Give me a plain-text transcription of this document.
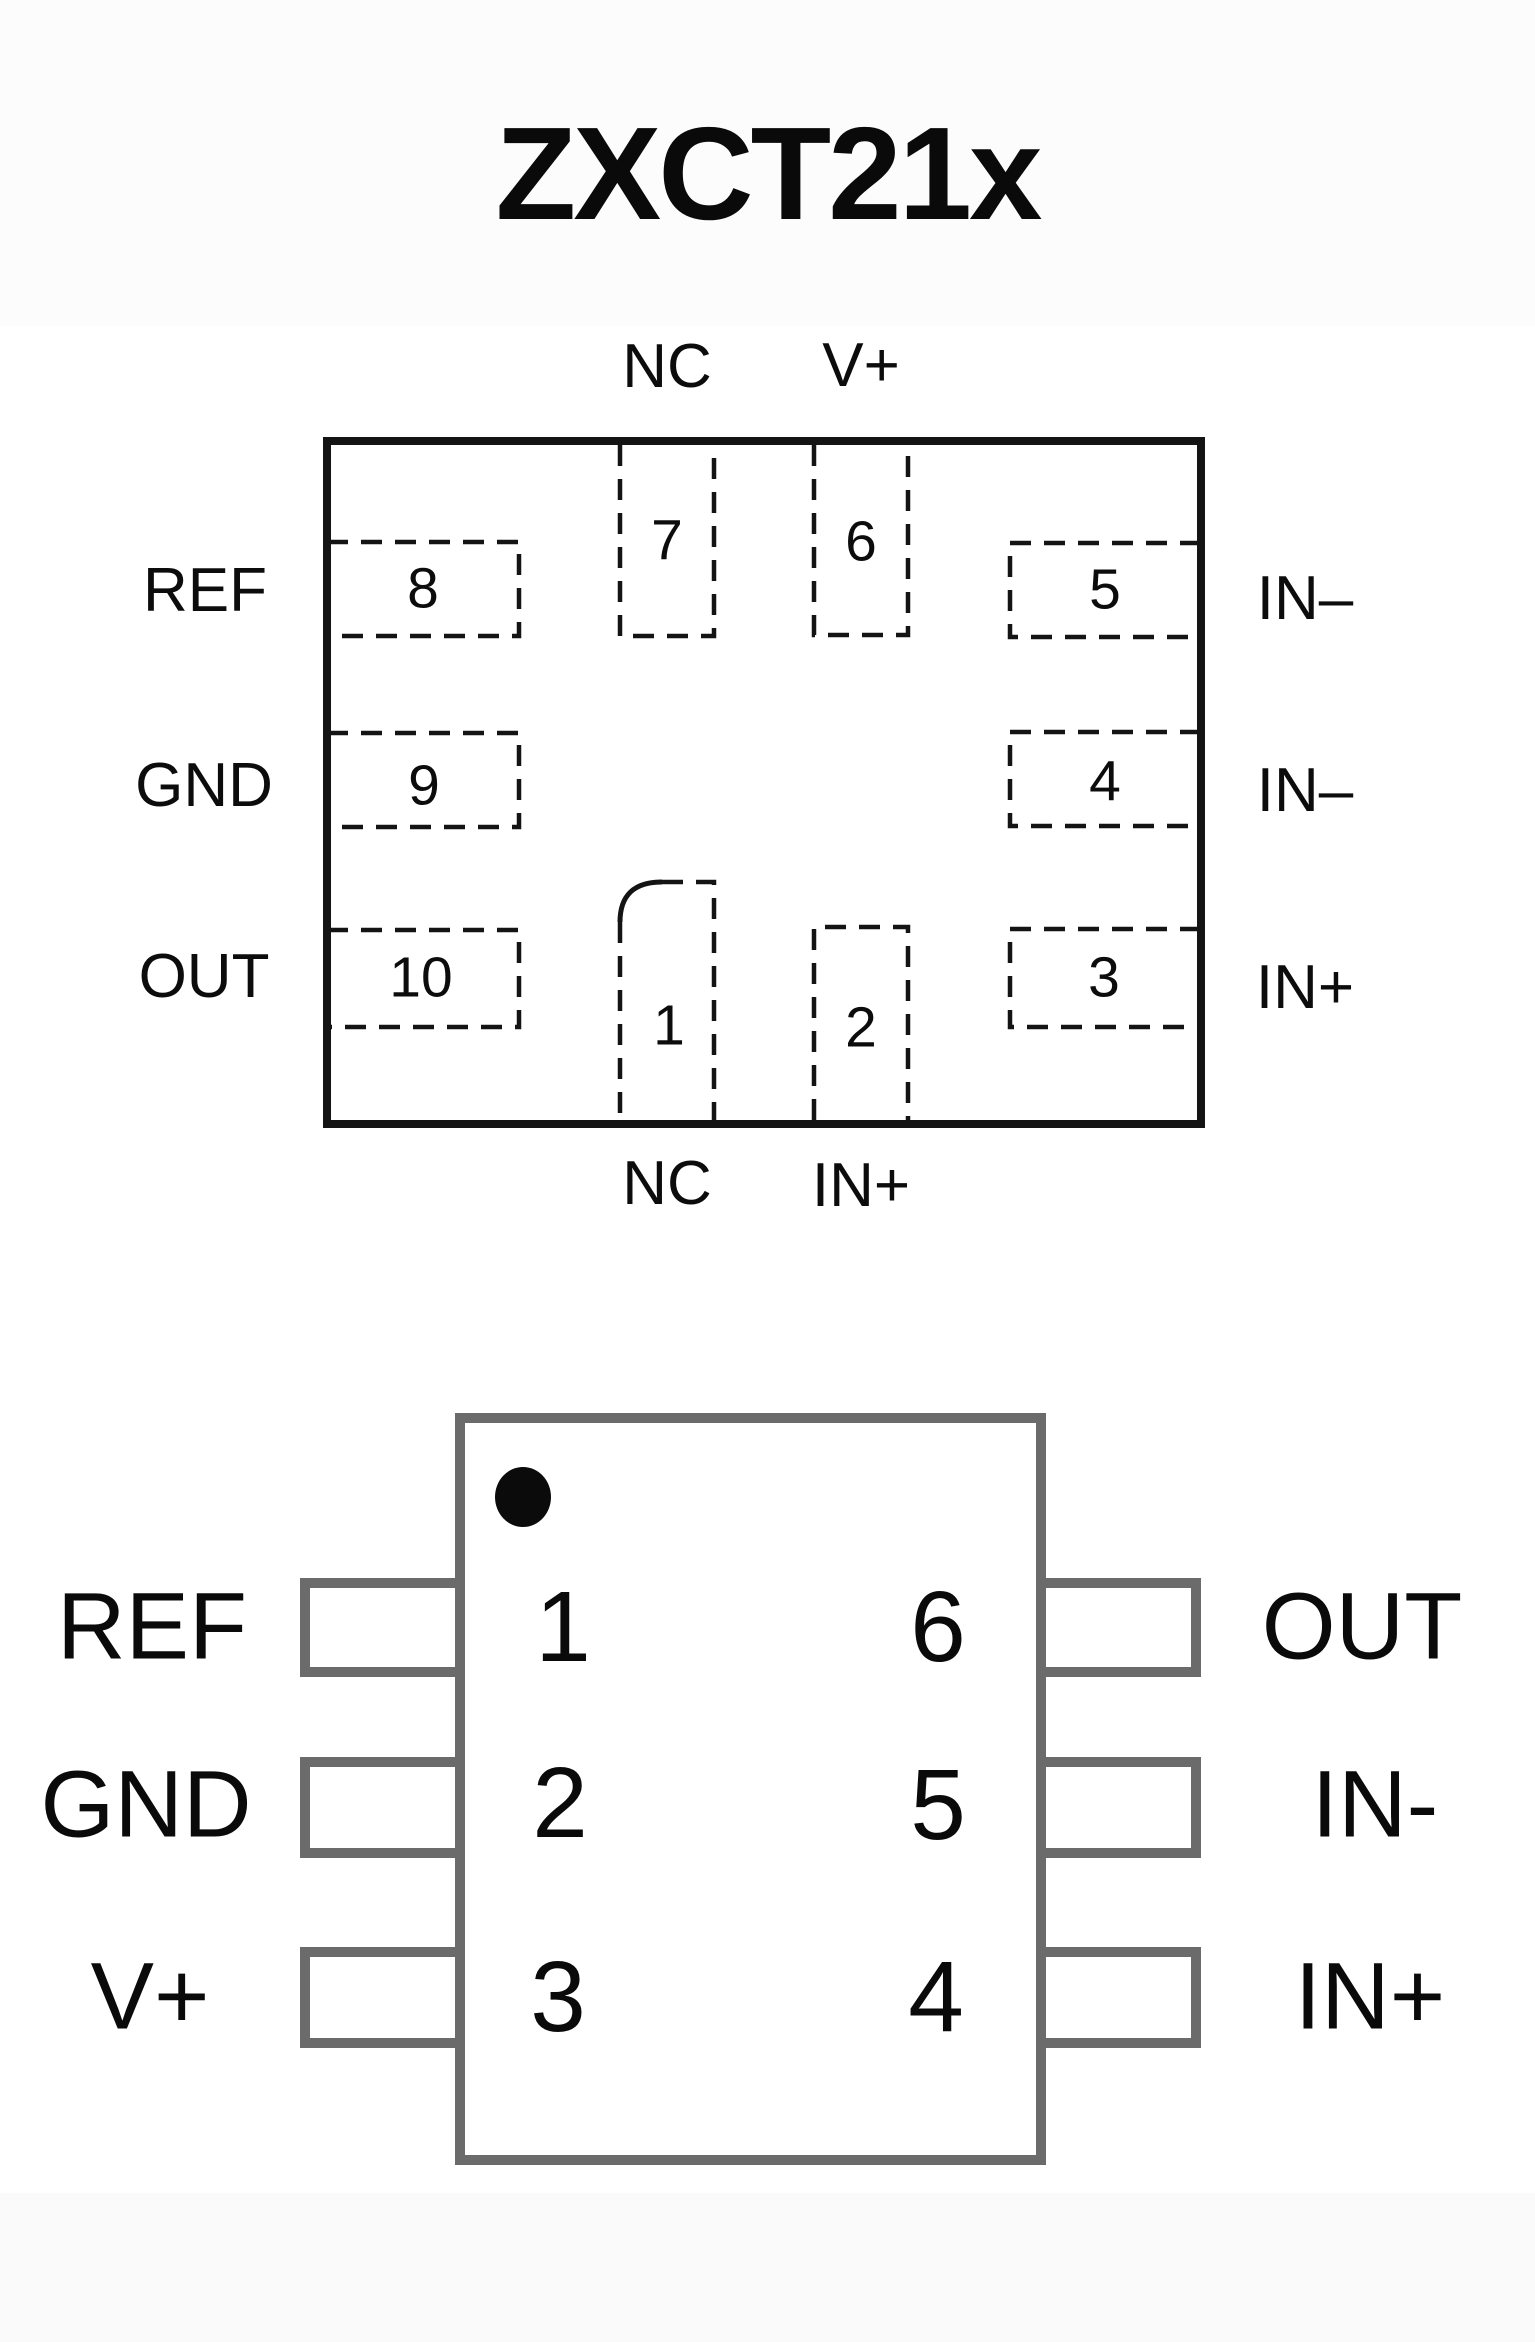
ZXCT21x
8
9
10
7	6
5
4
3
1	2
REF
GND
OUT
NC V+
IN–
IN–
IN+
NC IN+
1
2
3
6
5
4
REF
GND
V+
OUT
IN-
IN+
